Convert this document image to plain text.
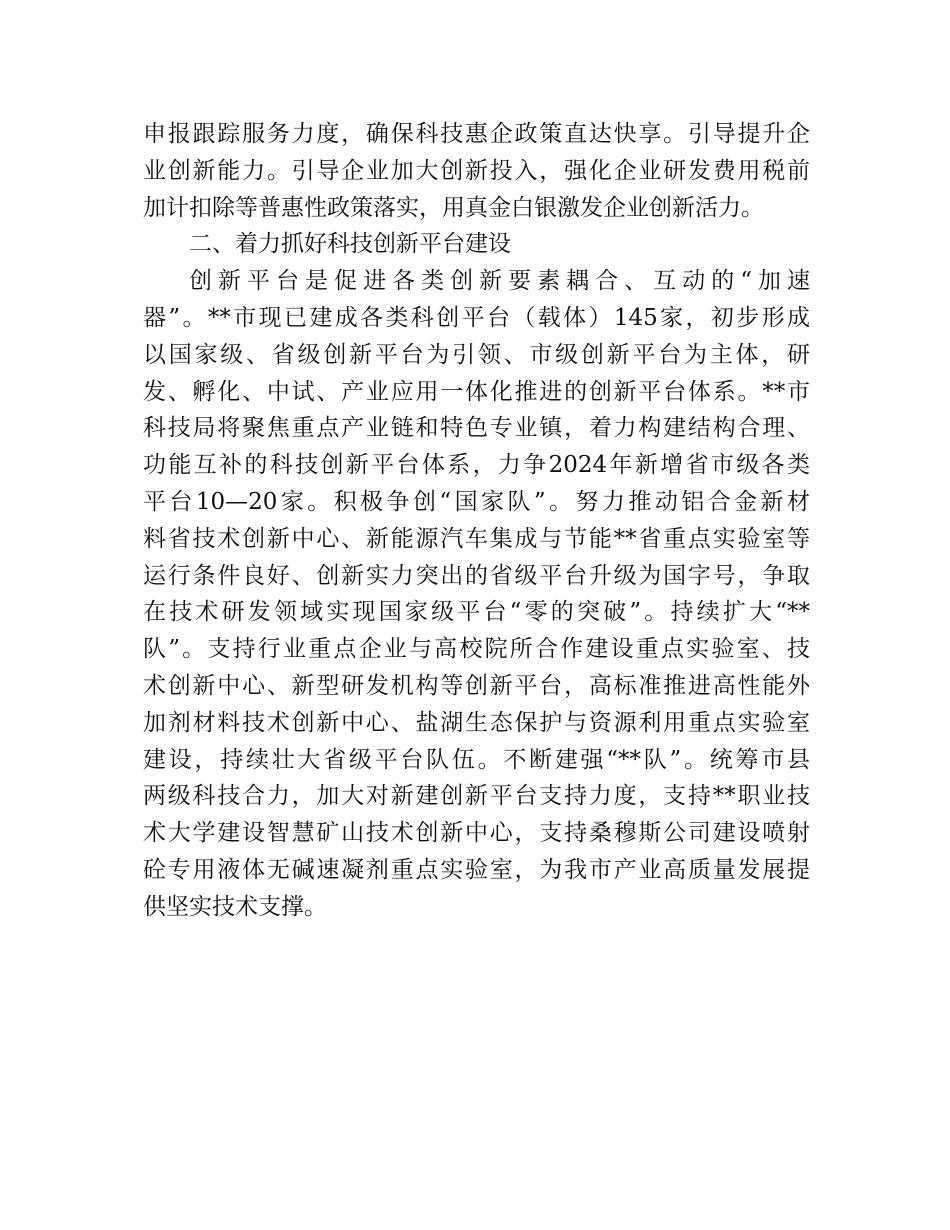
申报跟踪服务力度，确保科技惠企政策直达快享。引导提升企
业创新能力。引导企业加大创新投入，强化企业研发费用税前
加计扣除等普惠性政策落实，用真金白银激发企业创新活力。
二、着力抓好科技创新平台建设
创新平台是促进各类创新要素耦合、互动的“加速
器”。**市现已建成各类科创平台（载体）145家，初步形成
以国家级、省级创新平台为引领、市级创新平台为主体，研
发、孵化、中试、产业应用一体化推进的创新平台体系。**市
科技局将聚焦重点产业链和特色专业镇，着力构建结构合理、
功能互补的科技创新平台体系，力争2024年新增省市级各类
平台10—20家。积极争创“国家队”。努力推动铝合金新材
料省技术创新中心、新能源汽车集成与节能**省重点实验室等
运行条件良好、创新实力突出的省级平台升级为国字号，争取
在技术研发领域实现国家级平台“零的突破”。持续扩大“**
队”。支持行业重点企业与高校院所合作建设重点实验室、技
术创新中心、新型研发机构等创新平台，高标准推进高性能外
加剂材料技术创新中心、盐湖生态保护与资源利用重点实验室
建设，持续壮大省级平台队伍。不断建强“**队”。统筹市县
两级科技合力，加大对新建创新平台支持力度，支持**职业技
术大学建设智慧矿山技术创新中心，支持桑穆斯公司建设喷射
砼专用液体无碱速凝剂重点实验室，为我市产业高质量发展提
供坚实技术支撑。
